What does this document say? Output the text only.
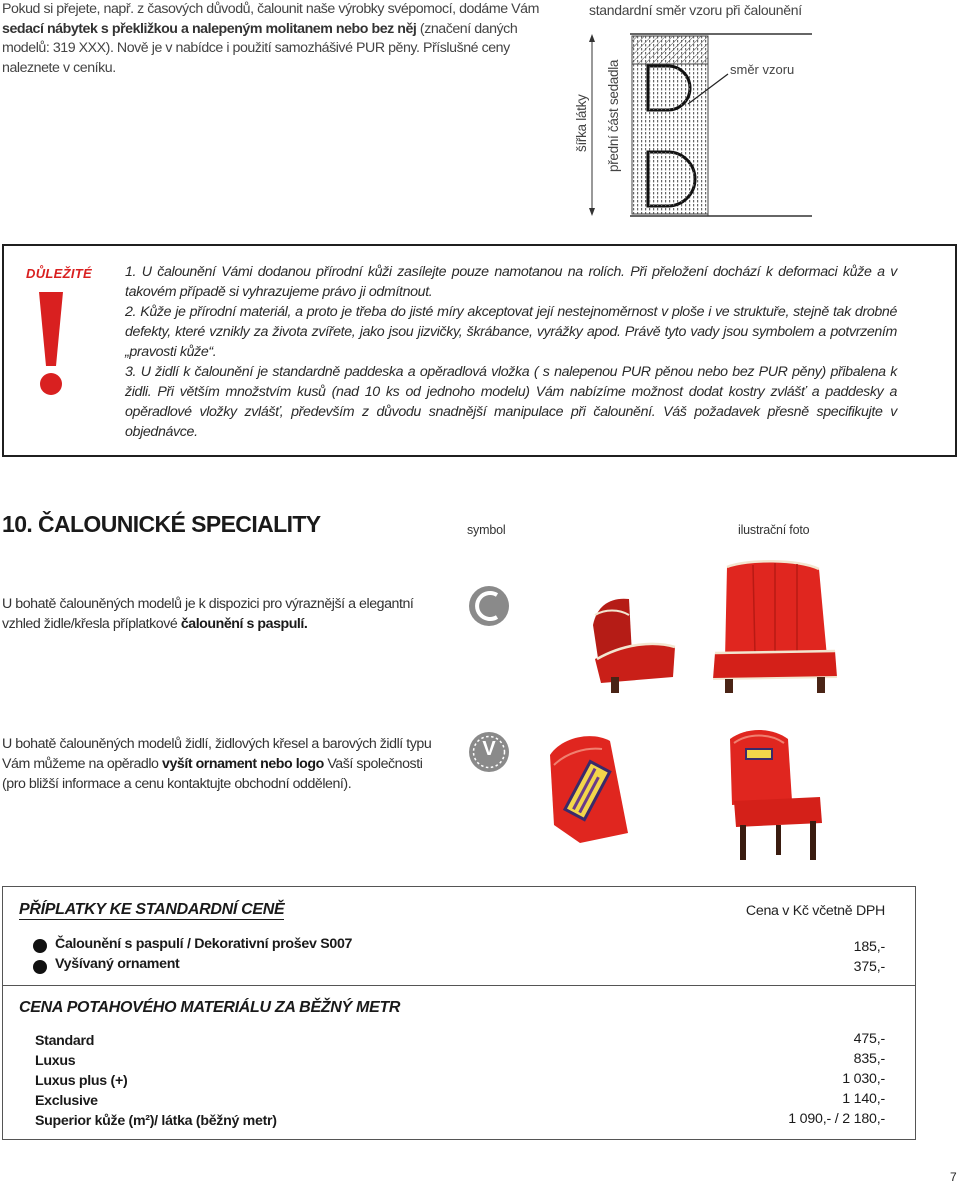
Pokud si přejete, např. z časových důvodů, čalounit naše výrobky svépomocí, dodáme Vám sedací nábytek s překližkou a nalepeným molitanem nebo bez něj (značení daných modelů: 319 XXX). Nově je v nabídce i použití samozhášivé PUR pěny. Příslušné ceny naleznete v ceníku.
standardní směr vzoru při čalounění
šířka látky přední část sedadla	směr vzoru
DŮLEŽITÉ 1. U čalounění Vámi dodanou přírodní kůži zasílejte pouze namotanou na rolích. Při přeložení dochází k deformaci kůže a v takovém případě si vyhrazujeme právo ji odmítnout.

2. Kůže je přírodní materiál, a proto je třeba do jisté míry akceptovat její nestejnoměrnost v ploše i ve struktuře, stejně tak drobné defekty, které vznikly za života zvířete, jako jsou jizvičky, škrábance, vyrážky apod. Právě tyto vady jsou symbolem a potvrzením „pravosti kůže“.

3. U židlí k čalounění je standardně paddeska a opěradlová vložka ( s nalepenou PUR pěnou nebo bez PUR pěny) přibalena k židli. Při větším množstvím kusů (nad 10 ks od jednoho modelu) Vám nabízíme možnost dodat kostry zvlášť a paddesky a opěradlové vložky zvlášť, především z důvodu snadnější manipulace při čalounění. Váš požadavek přesně specifikujte v objednávce.

10. ČALOUNICKÉ SPECIALITY	symbol	ilustrační foto
U bohatě čalouněných modelů je k dispozici pro výraznější a elegantní vzhled židle/křesla příplatkové čalounění s paspulí.
U bohatě čalouněných modelů židlí, židlových křesel a barových židlí typu Vám můžeme na opěradlo vyšít ornament nebo logo Vaší společnosti (pro bližší informace a cenu kontaktujte obchodní oddělení).
V
PŘÍPLATKY KE STANDARDNÍ CENĚ	Cena v Kč včetně DPH
Čalounění s paspulí / Dekorativní prošev S007	185,-
Vyšívaný ornament	375,-
CENA POTAHOVÉHO MATERIÁLU ZA BĚŽNÝ METR
Standard	475,-
Luxus	835,-
Luxus plus (+)	1 030,-
Exclusive	1 140,-
Superior kůže (m²)/ látka (běžný metr)	1 090,- / 2 180,-
7
